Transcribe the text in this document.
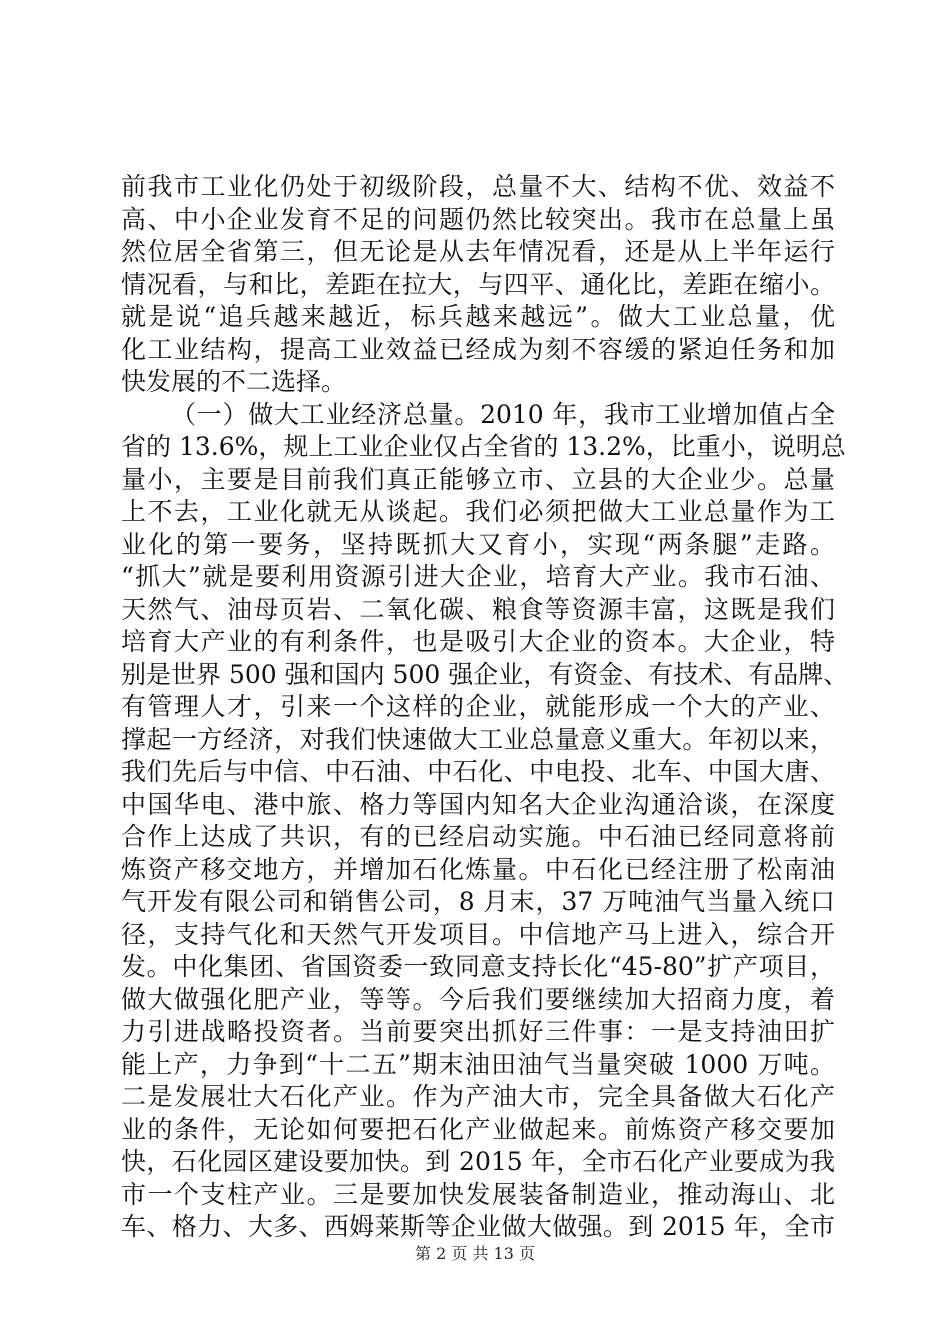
前我市工业化仍处于初级阶段，总量不大、结构不优、效益不
高、中小企业发育不足的问题仍然比较突出。我市在总量上虽
然位居全省第三，但无论是从去年情况看，还是从上半年运行
情况看，与和比，差距在拉大，与四平、通化比，差距在缩小。
就是说“追兵越来越近，标兵越来越远”。做大工业总量，优
化工业结构，提高工业效益已经成为刻不容缓的紧迫任务和加
快发展的不二选择。
（一）做大工业经济总量。2010 年，我市工业增加值占全
省的 13.6%，规上工业企业仅占全省的 13.2%，比重小，说明总
量小，主要是目前我们真正能够立市、立县的大企业少。总量
上不去，工业化就无从谈起。我们必须把做大工业总量作为工
业化的第一要务，坚持既抓大又育小，实现“两条腿”走路。
“抓大”就是要利用资源引进大企业，培育大产业。我市石油、
天然气、油母页岩、二氧化碳、粮食等资源丰富，这既是我们
培育大产业的有利条件，也是吸引大企业的资本。大企业，特
别是世界 500 强和国内 500 强企业，有资金、有技术、有品牌、
有管理人才，引来一个这样的企业，就能形成一个大的产业、
撑起一方经济，对我们快速做大工业总量意义重大。年初以来，
我们先后与中信、中石油、中石化、中电投、北车、中国大唐、
中国华电、港中旅、格力等国内知名大企业沟通洽谈，在深度
合作上达成了共识，有的已经启动实施。中石油已经同意将前
炼资产移交地方，并增加石化炼量。中石化已经注册了松南油
气开发有限公司和销售公司，8 月末，37 万吨油气当量入统口
径，支持气化和天然气开发项目。中信地产马上进入，综合开
发。中化集团、省国资委一致同意支持长化“45-80”扩产项目，
做大做强化肥产业，等等。今后我们要继续加大招商力度，着
力引进战略投资者。当前要突出抓好三件事：一是支持油田扩
能上产，力争到“十二五”期末油田油气当量突破 1000 万吨。
二是发展壮大石化产业。作为产油大市，完全具备做大石化产
业的条件，无论如何要把石化产业做起来。前炼资产移交要加
快，石化园区建设要加快。到 2015 年，全市石化产业要成为我
市一个支柱产业。三是要加快发展装备制造业，推动海山、北
车、格力、大多、西姆莱斯等企业做大做强。到 2015 年，全市
第 2 页 共 13 页
